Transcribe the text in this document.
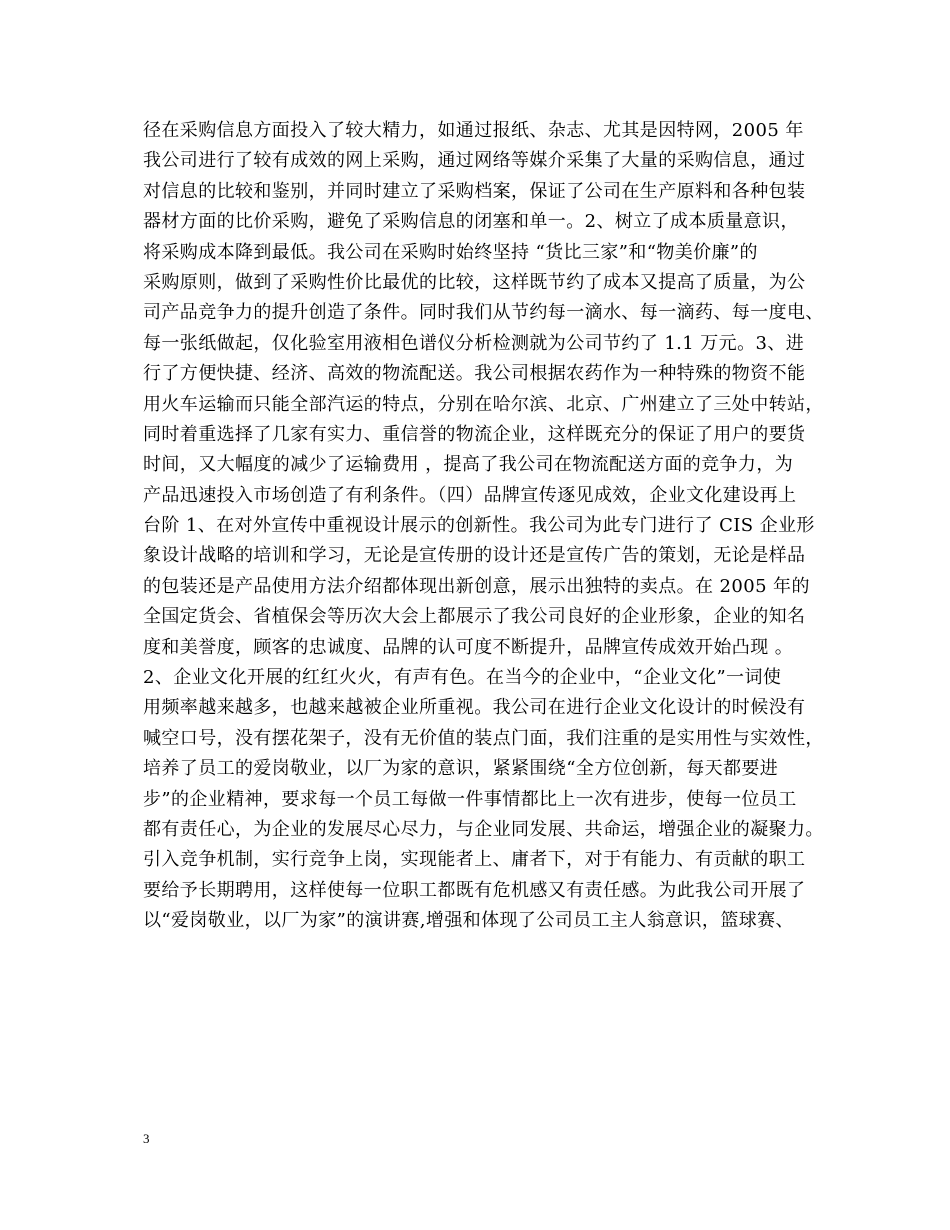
径在采购信息方面投入了较大精力，如通过报纸、杂志、尤其是因特网，2005 年
我公司进行了较有成效的网上采购，通过网络等媒介采集了大量的采购信息，通过
对信息的比较和鉴别，并同时建立了采购档案，保证了公司在生产原料和各种包装
器材方面的比价采购，避免了采购信息的闭塞和单一。2、树立了成本质量意识，
将采购成本降到最低。我公司在采购时始终坚持 “货比三家”和“物美价廉”的
采购原则，做到了采购性价比最优的比较，这样既节约了成本又提高了质量，为公
司产品竞争力的提升创造了条件。同时我们从节约每一滴水、每一滴药、每一度电、
每一张纸做起，仅化验室用液相色谱仪分析检测就为公司节约了 1.1 万元。3、进
行了方便快捷、经济、高效的物流配送。我公司根据农药作为一种特殊的物资不能
用火车运输而只能全部汽运的特点，分别在哈尔滨、北京、广州建立了三处中转站，
同时着重选择了几家有实力、重信誉的物流企业，这样既充分的保证了用户的要货
时间，又大幅度的减少了运输费用 ，提高了我公司在物流配送方面的竞争力，为
产品迅速投入市场创造了有利条件。（四）品牌宣传逐见成效，企业文化建设再上
台阶 1、在对外宣传中重视设计展示的创新性。我公司为此专门进行了 CIS 企业形
象设计战略的培训和学习，无论是宣传册的设计还是宣传广告的策划，无论是样品
的包装还是产品使用方法介绍都体现出新创意，展示出独特的卖点。在 2005 年的
全国定货会、省植保会等历次大会上都展示了我公司良好的企业形象，企业的知名
度和美誉度，顾客的忠诚度、品牌的认可度不断提升，品牌宣传成效开始凸现 。
2、企业文化开展的红红火火，有声有色。在当今的企业中，“企业文化”一词使
用频率越来越多，也越来越被企业所重视。我公司在进行企业文化设计的时候没有
喊空口号，没有摆花架子，没有无价值的装点门面，我们注重的是实用性与实效性，
培养了员工的爱岗敬业，以厂为家的意识，紧紧围绕“全方位创新，每天都要进
步”的企业精神，要求每一个员工每做一件事情都比上一次有进步，使每一位员工
都有责任心，为企业的发展尽心尽力，与企业同发展、共命运，增强企业的凝聚力。
引入竞争机制，实行竞争上岗，实现能者上、庸者下，对于有能力、有贡献的职工
要给予长期聘用，这样使每一位职工都既有危机感又有责任感。为此我公司开展了
以“爱岗敬业，以厂为家”的演讲赛,增强和体现了公司员工主人翁意识，篮球赛、
3
